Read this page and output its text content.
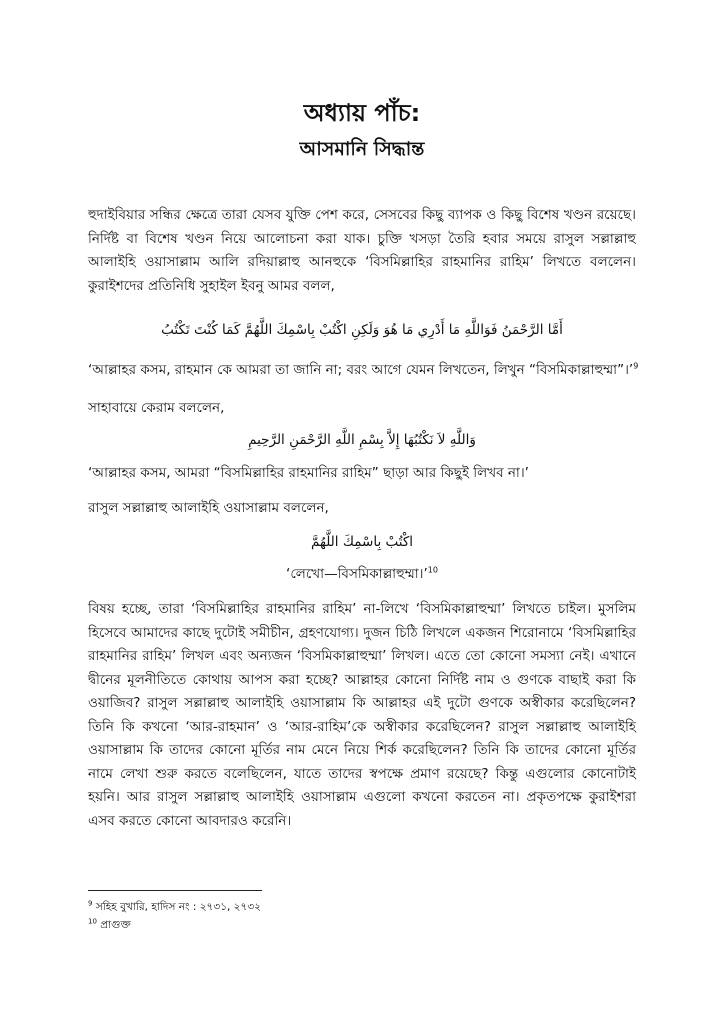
অধ্যায় পাঁচ:
আসমানি সিদ্ধান্ত
হুদাইবিয়ার সন্ধির ক্ষেত্রে তারা যেসব যুক্তি পেশ করে, সেসবের কিছু ব্যাপক ও কিছু বিশেষ খণ্ডন রয়েছে। নির্দিষ্ট বা বিশেষ খণ্ডন নিয়ে আলোচনা করা যাক। চুক্তি খসড়া তৈরি হবার সময়ে রাসুল সল্লাল্লাহু আলাইহি ওয়াসাল্লাম আলি রদিয়াল্লাহু আনহুকে ‘বিসমিল্লাহির রাহমানির রাহিম’ লিখতে বললেন। কুরাইশদের প্রতিনিধি সুহাইল ইবনু আমর বলল,
أَمَّا الرَّحْمَنُ فَوَاللَّهِ مَا أَدْرِي مَا هُوَ وَلَكِنِ اكْتُبْ بِاسْمِكَ اللَّهُمَّ كَمَا كُنْتَ تَكْتُبُ
‘আল্লাহর কসম, রাহমান কে আমরা তা জানি না; বরং আগে যেমন লিখতেন, লিখুন “বিসমিকাল্লাহুম্মা”।’$^9$
সাহাবায়ে কেরাম বললেন,
وَاللَّهِ لاَ نَكْتُبُهَا إِلاَّ بِسْمِ اللَّهِ الرَّحْمَنِ الرَّحِيمِ
‘আল্লাহর কসম, আমরা “বিসমিল্লাহির রাহমানির রাহিম” ছাড়া আর কিছুই লিখব না।’
রাসুল সল্লাল্লাহু আলাইহি ওয়াসাল্লাম বললেন,
اكْتُبْ بِاسْمِكَ اللَّهُمَّ
‘লেখো—বিসমিকাল্লাহুম্মা।’$^{10}$
বিষয় হচ্ছে, তারা ‘বিসমিল্লাহির রাহমানির রাহিম’ না-লিখে ‘বিসমিকাল্লাহুম্মা’ লিখতে চাইল। মুসলিম হিসেবে আমাদের কাছে দুটোই সমীচীন, গ্রহণযোগ্য। দুজন চিঠি লিখলে একজন শিরোনামে ‘বিসমিল্লাহির রাহমানির রাহিম’ লিখল এবং অন্যজন ‘বিসমিকাল্লাহুম্মা’ লিখল। এতে তো কোনো সমস্যা নেই। এখানে দ্বীনের মূলনীতিতে কোথায় আপস করা হচ্ছে? আল্লাহর কোনো নির্দিষ্ট নাম ও গুণকে বাছাই করা কি ওয়াজিব? রাসুল সল্লাল্লাহু আলাইহি ওয়াসাল্লাম কি আল্লাহর এই দুটো গুণকে অস্বীকার করেছিলেন? তিনি কি কখনো ‘আর-রাহমান’ ও ‘আর-রাহিম’কে অস্বীকার করেছিলেন? রাসুল সল্লাল্লাহু আলাইহি ওয়াসাল্লাম কি তাদের কোনো মূর্তির নাম মেনে নিয়ে শির্ক করেছিলেন? তিনি কি তাদের কোনো মূর্তির নামে লেখা শুরু করতে বলেছিলেন, যাতে তাদের স্বপক্ষে প্রমাণ রয়েছে? কিন্তু এগুলোর কোনোটাই হয়নি। আর রাসুল সল্লাল্লাহু আলাইহি ওয়াসাল্লাম এগুলো কখনো করতেন না। প্রকৃতপক্ষে কুরাইশরা এসব করতে কোনো আবদারও করেনি।
$^9$ সহিহ বুখারি, হাদিস নং : ২৭৩১, ২৭৩২
$^{10}$ প্রাগুক্ত
